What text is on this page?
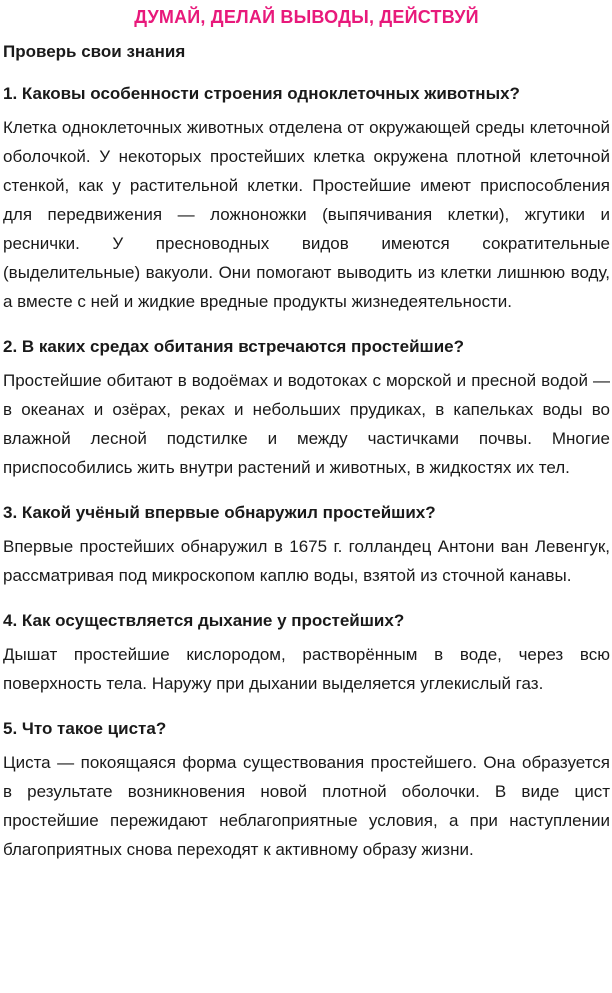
ДУМАЙ, ДЕЛАЙ ВЫВОДЫ, ДЕЙСТВУЙ
Проверь свои знания
1. Каковы особенности строения одноклеточных животных?
Клетка одноклеточных животных отделена от окружающей среды клеточной оболочкой. У некоторых простейших клетка окружена плотной клеточной стенкой, как у растительной клетки. Простейшие имеют приспособления для передвижения — ложноножки (выпячивания клетки), жгутики и реснички. У пресноводных видов имеются сократительные (выделительные) вакуоли. Они помогают выводить из клетки лишнюю воду, а вместе с ней и жидкие вредные продукты жизнедеятельности.
2. В каких средах обитания встречаются простейшие?
Простейшие обитают в водоёмах и водотоках с морской и пресной водой — в океанах и озёрах, реках и небольших прудиках, в капельках воды во влажной лесной подстилке и между частичками почвы. Многие приспособились жить внутри растений и животных, в жидкостях их тел.
3. Какой учёный впервые обнаружил простейших?
Впервые простейших обнаружил в 1675 г. голландец Антони ван Левенгук, рассматривая под микроскопом каплю воды, взятой из сточной канавы.
4. Как осуществляется дыхание у простейших?
Дышат простейшие кислородом, растворённым в воде, через всю поверхность тела. Наружу при дыхании выделяется углекислый газ.
5. Что такое циста?
Циста — покоящаяся форма существования простейшего. Она образуется в результате возникновения новой плотной оболочки. В виде цист простейшие пережидают неблагоприятные условия, а при наступлении благоприятных снова переходят к активному образу жизни.
